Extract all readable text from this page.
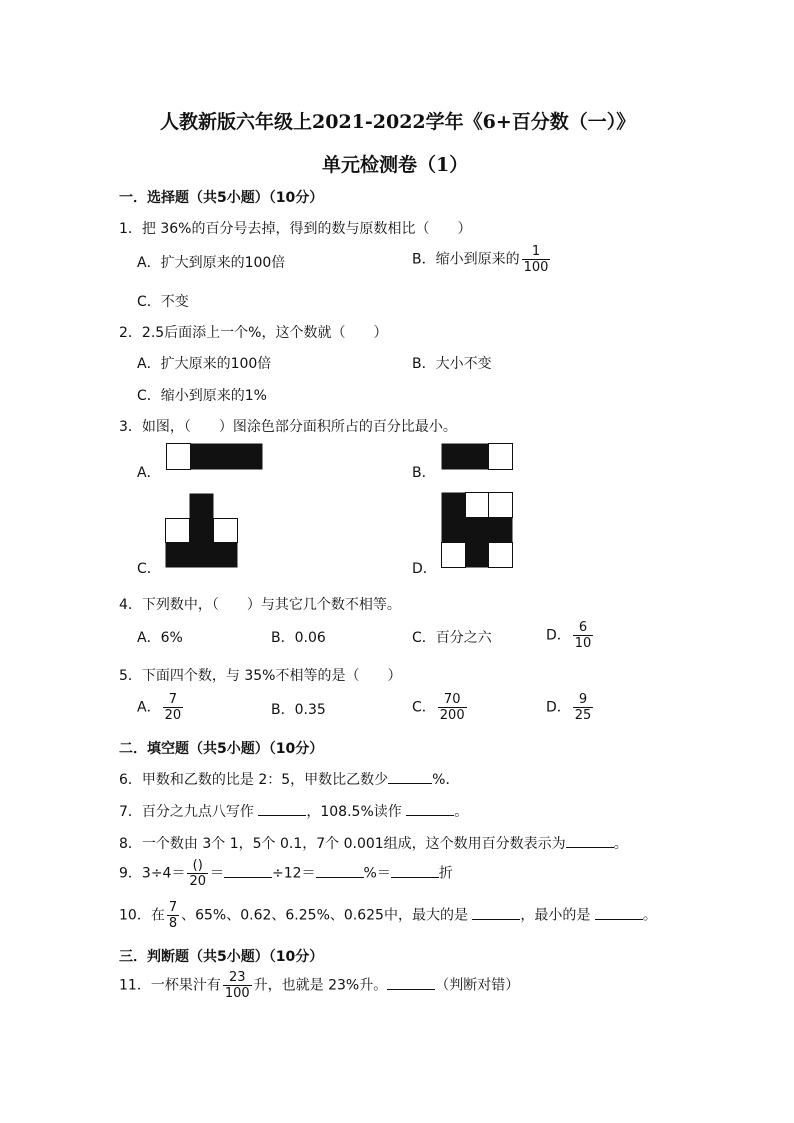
人教新版六年级上2021-2022学年《6+百分数（一）》
单元检测卷（1）
一．选择题（共5小题）（10分）
1．把 36%的百分号去掉，得到的数与原数相比（　　）
A．扩大到原来的100倍	B．缩小到原来的 $\frac{1}{100}$
C．不变
2．2.5后面添上一个%，这个数就（　　）
A．扩大原来的100倍	B．大小不变
C．缩小到原来的1%
3．如图，（　　）图涂色部分面积所占的百分比最小。
A．	B．
C．	D．
4．下列数中，（　　）与其它几个数不相等。
A．6%	B．0.06	C．百分之六	D． $\frac{6}{10}$
5．下面四个数，与 35%不相等的是（　　）
A． $\frac{7}{20}$	B．0.35	C． $\frac{70}{200}$	D． $\frac{9}{25}$
二．填空题（共5小题）（10分）
6．甲数和乙数的比是 2：5，甲数比乙数少	%．
7．百分之九点八写作	，108.5%读作	。
8．一个数由 3个 1，5个 0.1，7个 0.001组成，这个数用百分数表示为	。
9．$3\div 4= \frac{()}{20}$ ＝	÷12＝	%＝	折
10．在 $\frac{7}{8}$ 、65%、0.62、6.25%、0.625中，最大的是	，最小的是	。
三．判断题（共5小题）（10分）
11．一杯果汁有 $\frac{23}{100}$ 升，也就是 23%升。	（判断对错）
